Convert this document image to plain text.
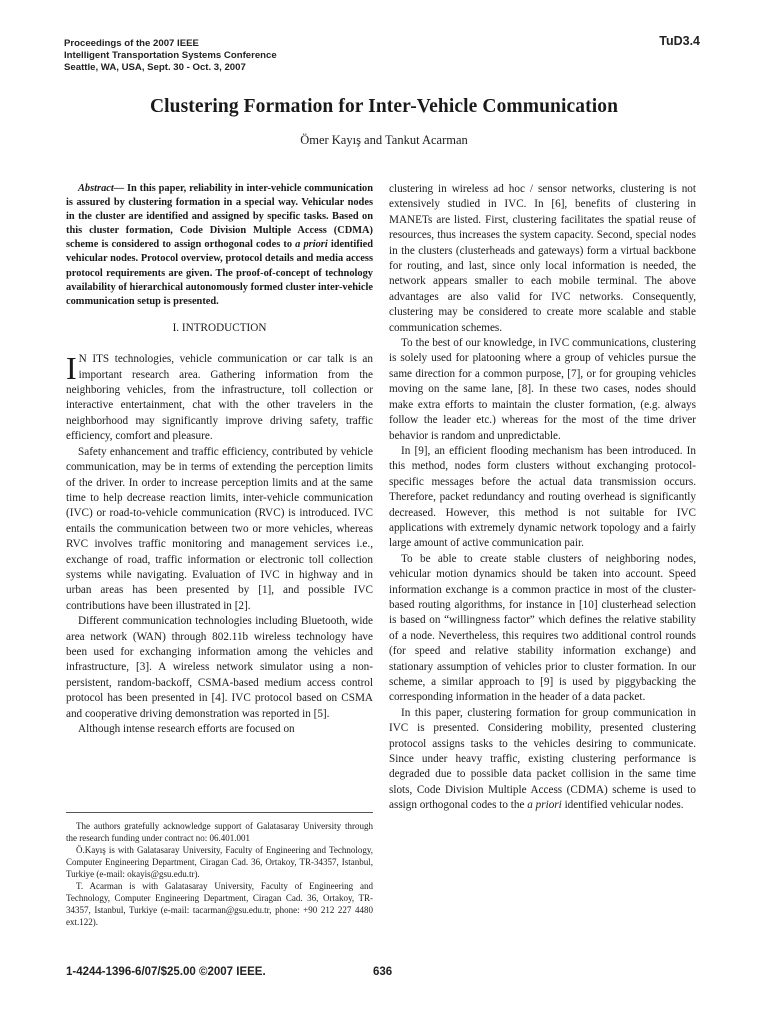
Proceedings of the 2007 IEEE
Intelligent Transportation Systems Conference
Seattle, WA, USA, Sept. 30 - Oct. 3, 2007
TuD3.4
Clustering Formation for Inter-Vehicle Communication
Ömer Kayış and Tankut Acarman

Abstract— In this paper, reliability in inter-vehicle communication is assured by clustering formation in a special way. Vehicular nodes in the cluster are identified and assigned by specific tasks. Based on this cluster formation, Code Division Multiple Access (CDMA) scheme is considered to assign orthogonal codes to a priori identified vehicular nodes. Protocol overview, protocol details and media access protocol requirements are given. The proof-of-concept of technology availability of hierarchical autonomously formed cluster inter-vehicle communication setup is presented.

I. INTRODUCTION

I N ITS technologies, vehicle communication or car talk is an important research area. Gathering information from the neighboring vehicles, from the infrastructure, toll collection or interactive entertainment, chat with the other travelers in the neighborhood may significantly improve driving safety, traffic efficiency, comfort and pleasure.

Safety enhancement and traffic efficiency, contributed by vehicle communication, may be in terms of extending the perception limits of the driver. In order to increase perception limits and at the same time to help decrease reaction limits, inter-vehicle communication (IVC) or road-to-vehicle communication (RVC) is introduced. IVC entails the communication between two or more vehicles, whereas RVC involves traffic monitoring and management services i.e., exchange of road, traffic information or electronic toll collection systems while navigating. Evaluation of IVC in highway and in urban areas has been presented by [1], and possible IVC contributions have been illustrated in [2].

Different communication technologies including Bluetooth, wide area network (WAN) through 802.11b wireless technology have been used for exchanging information among the vehicles and infrastructure, [3]. A wireless network simulator using a non-persistent, random-backoff, CSMA-based medium access control protocol has been presented in [4]. IVC protocol based on CSMA and cooperative driving demonstration was reported in [5].

Although intense research efforts are focused on

The authors gratefully acknowledge support of Galatasaray University through the research funding under contract no: 06.401.001

Ö.Kayış is with Galatasaray University, Faculty of Engineering and Technology, Computer Engineering Department, Ciragan Cad. 36, Ortakoy, TR-34357, Istanbul, Turkiye (e-mail: okayis@gsu.edu.tr).

T. Acarman is with Galatasaray University, Faculty of Engineering and Technology, Computer Engineering Department, Ciragan Cad. 36, Ortakoy, TR-34357, Istanbul, Turkiye (e-mail: tacarman@gsu.edu.tr, phone: +90 212 227 4480 ext.122).

clustering in wireless ad hoc / sensor networks, clustering is not extensively studied in IVC. In [6], benefits of clustering in MANETs are listed. First, clustering facilitates the spatial reuse of resources, thus increases the system capacity. Second, special nodes in the clusters (clusterheads and gateways) form a virtual backbone for routing, and last, since only local information is needed, the network appears smaller to each mobile terminal. The above advantages are also valid for IVC networks. Consequently, clustering may be considered to create more scalable and stable communication schemes.

To the best of our knowledge, in IVC communications, clustering is solely used for platooning where a group of vehicles pursue the same direction for a common purpose, [7], or for grouping vehicles moving on the same lane, [8]. In these two cases, nodes should make extra efforts to maintain the cluster formation, (e.g. always follow the leader etc.) whereas for the most of the time driver behavior is random and unpredictable.

In [9], an efficient flooding mechanism has been introduced. In this method, nodes form clusters without exchanging protocol-specific messages before the actual data transmission occurs. Therefore, packet redundancy and routing overhead is significantly decreased. However, this method is not suitable for IVC applications with extremely dynamic network topology and a fairly large amount of active communication pair.

To be able to create stable clusters of neighboring nodes, vehicular motion dynamics should be taken into account. Speed information exchange is a common practice in most of the cluster-based routing algorithms, for instance in [10] clusterhead selection is based on “willingness factor” which defines the relative stability of a node. Nevertheless, this requires two additional control rounds (for speed and relative stability information exchange) and stationary assumption of vehicles prior to cluster formation. In our scheme, a similar approach to [9] is used by piggybacking the corresponding information in the header of a data packet.

In this paper, clustering formation for group communication in IVC is presented. Considering mobility, presented clustering protocol assigns tasks to the vehicles desiring to communicate. Since under heavy traffic, existing clustering performance is degraded due to possible data packet collision in the same time slots, Code Division Multiple Access (CDMA) scheme is used to assign orthogonal codes to the a priori identified vehicular nodes.

1-4244-1396-6/07/$25.00 ©2007 IEEE.	636
